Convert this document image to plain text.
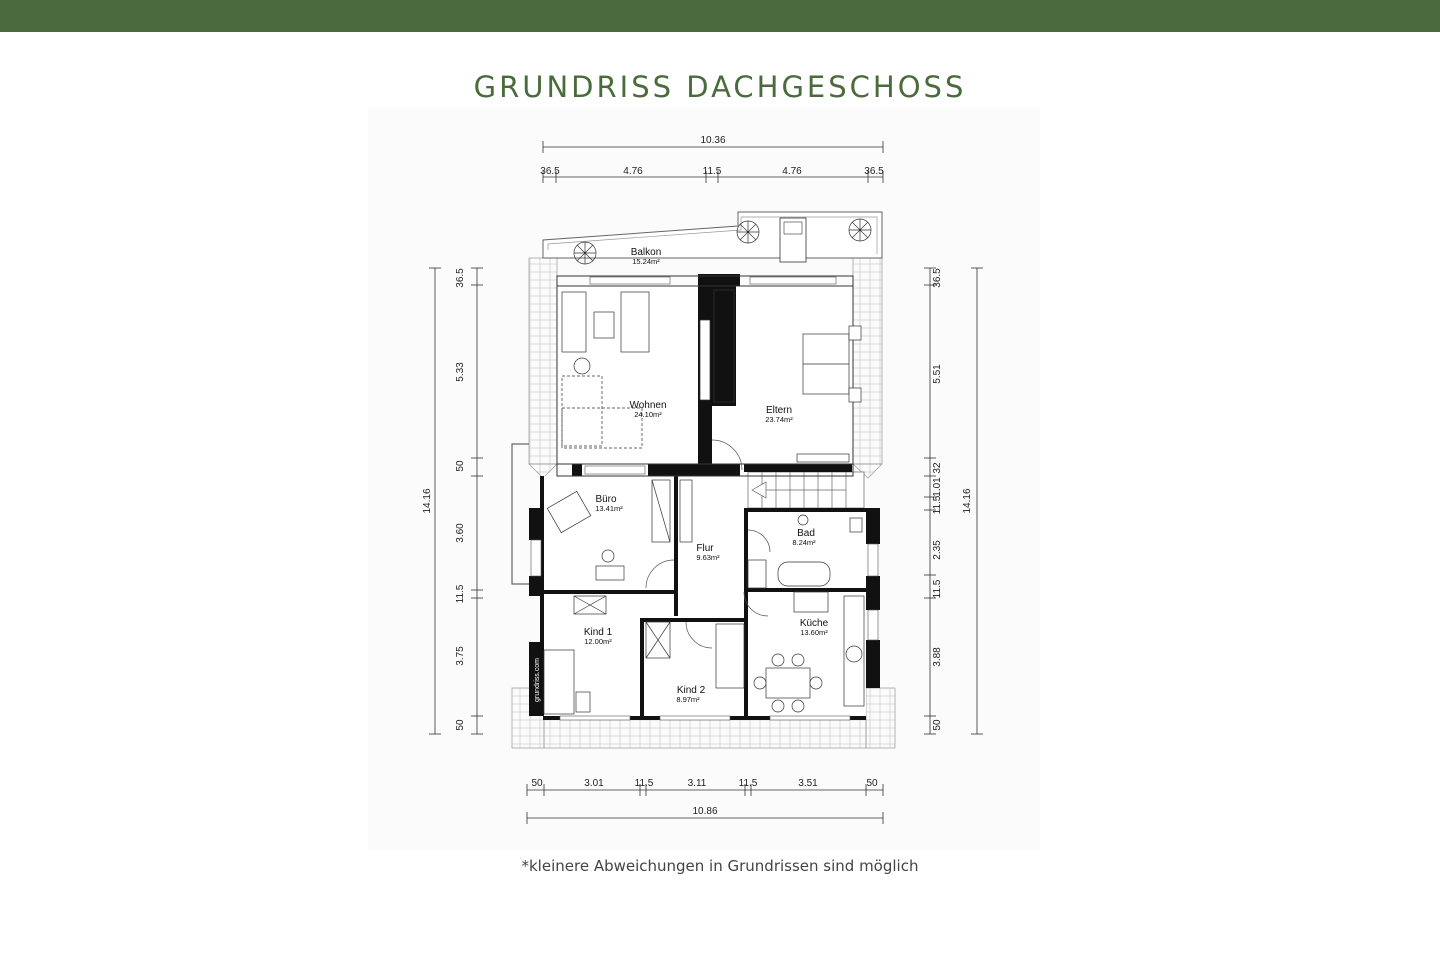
GRUNDRISS DACHGESCHOSS
10.36
36.5	4.76	11.5	4.76	36.5
50	3.01	11.5	3.11	11.5	3.51	50
10.86
14.16
36.5
5.33
50
3.60
11.5
3.75
50
36.5
5.51
32
1.01
11.5
2.35
11.5
3.88
50
14.16
Balkon
15.24m²
Wohnen
24.10m²	Eltern
23.74m²
Büro
13.41m²
Flur
9.63m²
Bad
8.24m²
Kind 1
12.00m²
Kind 2
8.97m²
Küche
13.60m²
grundriss.com
*kleinere Abweichungen in Grundrissen sind möglich
